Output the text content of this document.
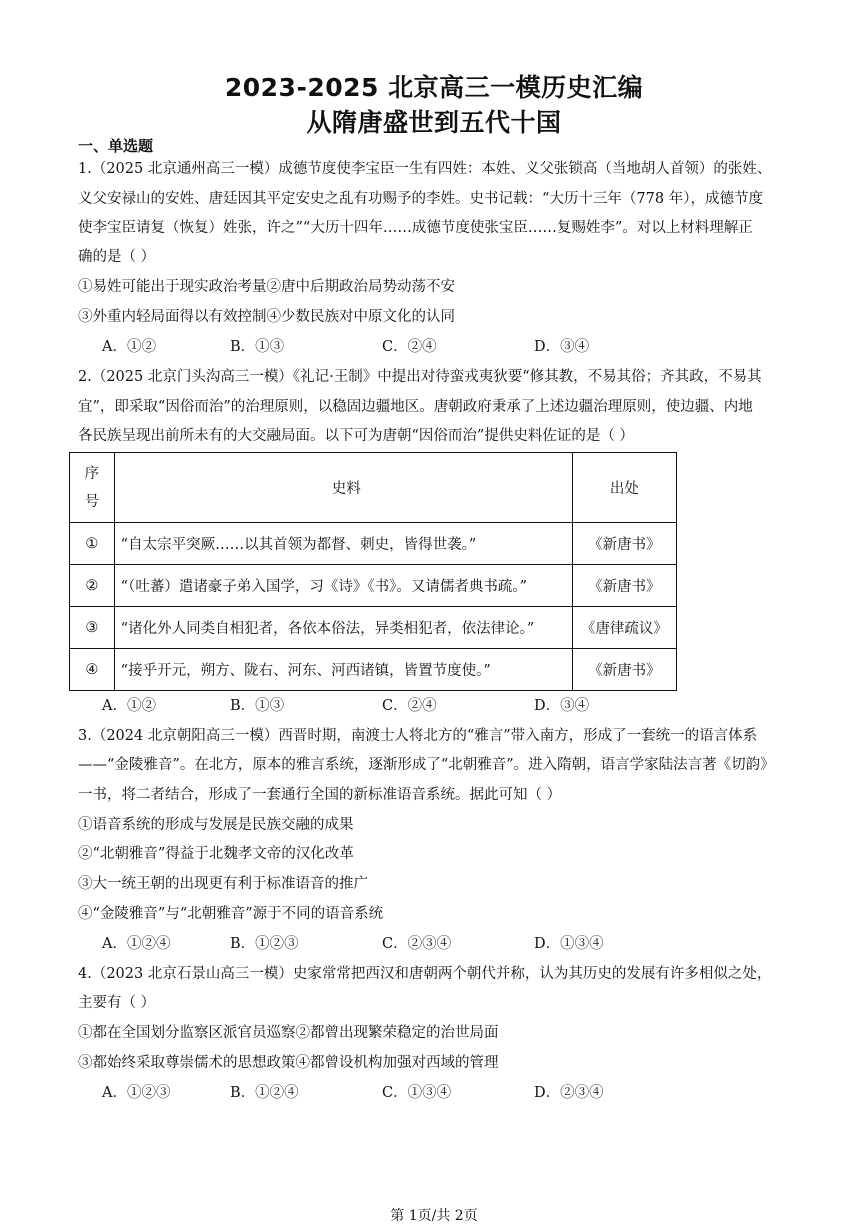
2023-2025 北京高三一模历史汇编
从隋唐盛世到五代十国
一、单选题
1.（2025 北京通州高三一模）成德节度使李宝臣一生有四姓：本姓、义父张锁高（当地胡人首领）的张姓、
义父安禄山的安姓、唐廷因其平定安史之乱有功赐予的李姓。史书记载：“大历十三年（778 年），成德节度
使李宝臣请复（恢复）姓张，许之”“大历十四年……成德节度使张宝臣……复赐姓李”。对以上材料理解正
确的是（ ）
①易姓可能出于现实政治考量②唐中后期政治局势动荡不安
③外重内轻局面得以有效控制④少数民族对中原文化的认同
A．①②	B．①③	C．②④	D．③④
2.（2025 北京门头沟高三一模）《礼记·王制》中提出对待蛮戎夷狄要“修其教，不易其俗；齐其政，不易其
宜”，即采取“因俗而治”的治理原则，以稳固边疆地区。唐朝政府秉承了上述边疆治理原则，使边疆、内地
各民族呈现出前所未有的大交融局面。以下可为唐朝“因俗而治”提供史料佐证的是（ ）
序
号	史料	出处
①	“自太宗平突厥……以其首领为都督、刺史，皆得世袭。”	《新唐书》
②	“（吐蕃）遣诸豪子弟入国学，习《诗》《书》。又请儒者典书疏。”	《新唐书》
③	“诸化外人同类自相犯者，各依本俗法，异类相犯者，依法律论。”	《唐律疏议》
④	“接乎开元，朔方、陇右、河东、河西诸镇，皆置节度使。”	《新唐书》
A．①②	B．①③	C．②④	D．③④
3.（2024 北京朝阳高三一模）西晋时期，南渡士人将北方的“雅言”带入南方，形成了一套统一的语言体系
——“金陵雅音”。在北方，原本的雅言系统，逐渐形成了“北朝雅音”。进入隋朝，语言学家陆法言著《切韵》
一书，将二者结合，形成了一套通行全国的新标准语音系统。据此可知（ ）
①语音系统的形成与发展是民族交融的成果
②“北朝雅音”得益于北魏孝文帝的汉化改革
③大一统王朝的出现更有利于标准语音的推广
④“金陵雅音”与“北朝雅音”源于不同的语音系统
A．①②④	B．①②③	C．②③④	D．①③④
4.（2023 北京石景山高三一模）史家常常把西汉和唐朝两个朝代并称，认为其历史的发展有许多相似之处，
主要有（ ）
①都在全国划分监察区派官员巡察②都曾出现繁荣稳定的治世局面
③都始终采取尊崇儒术的思想政策④都曾设机构加强对西域的管理
A．①②③	B．①②④	C．①③④	D．②③④
第 1页/共 2页
